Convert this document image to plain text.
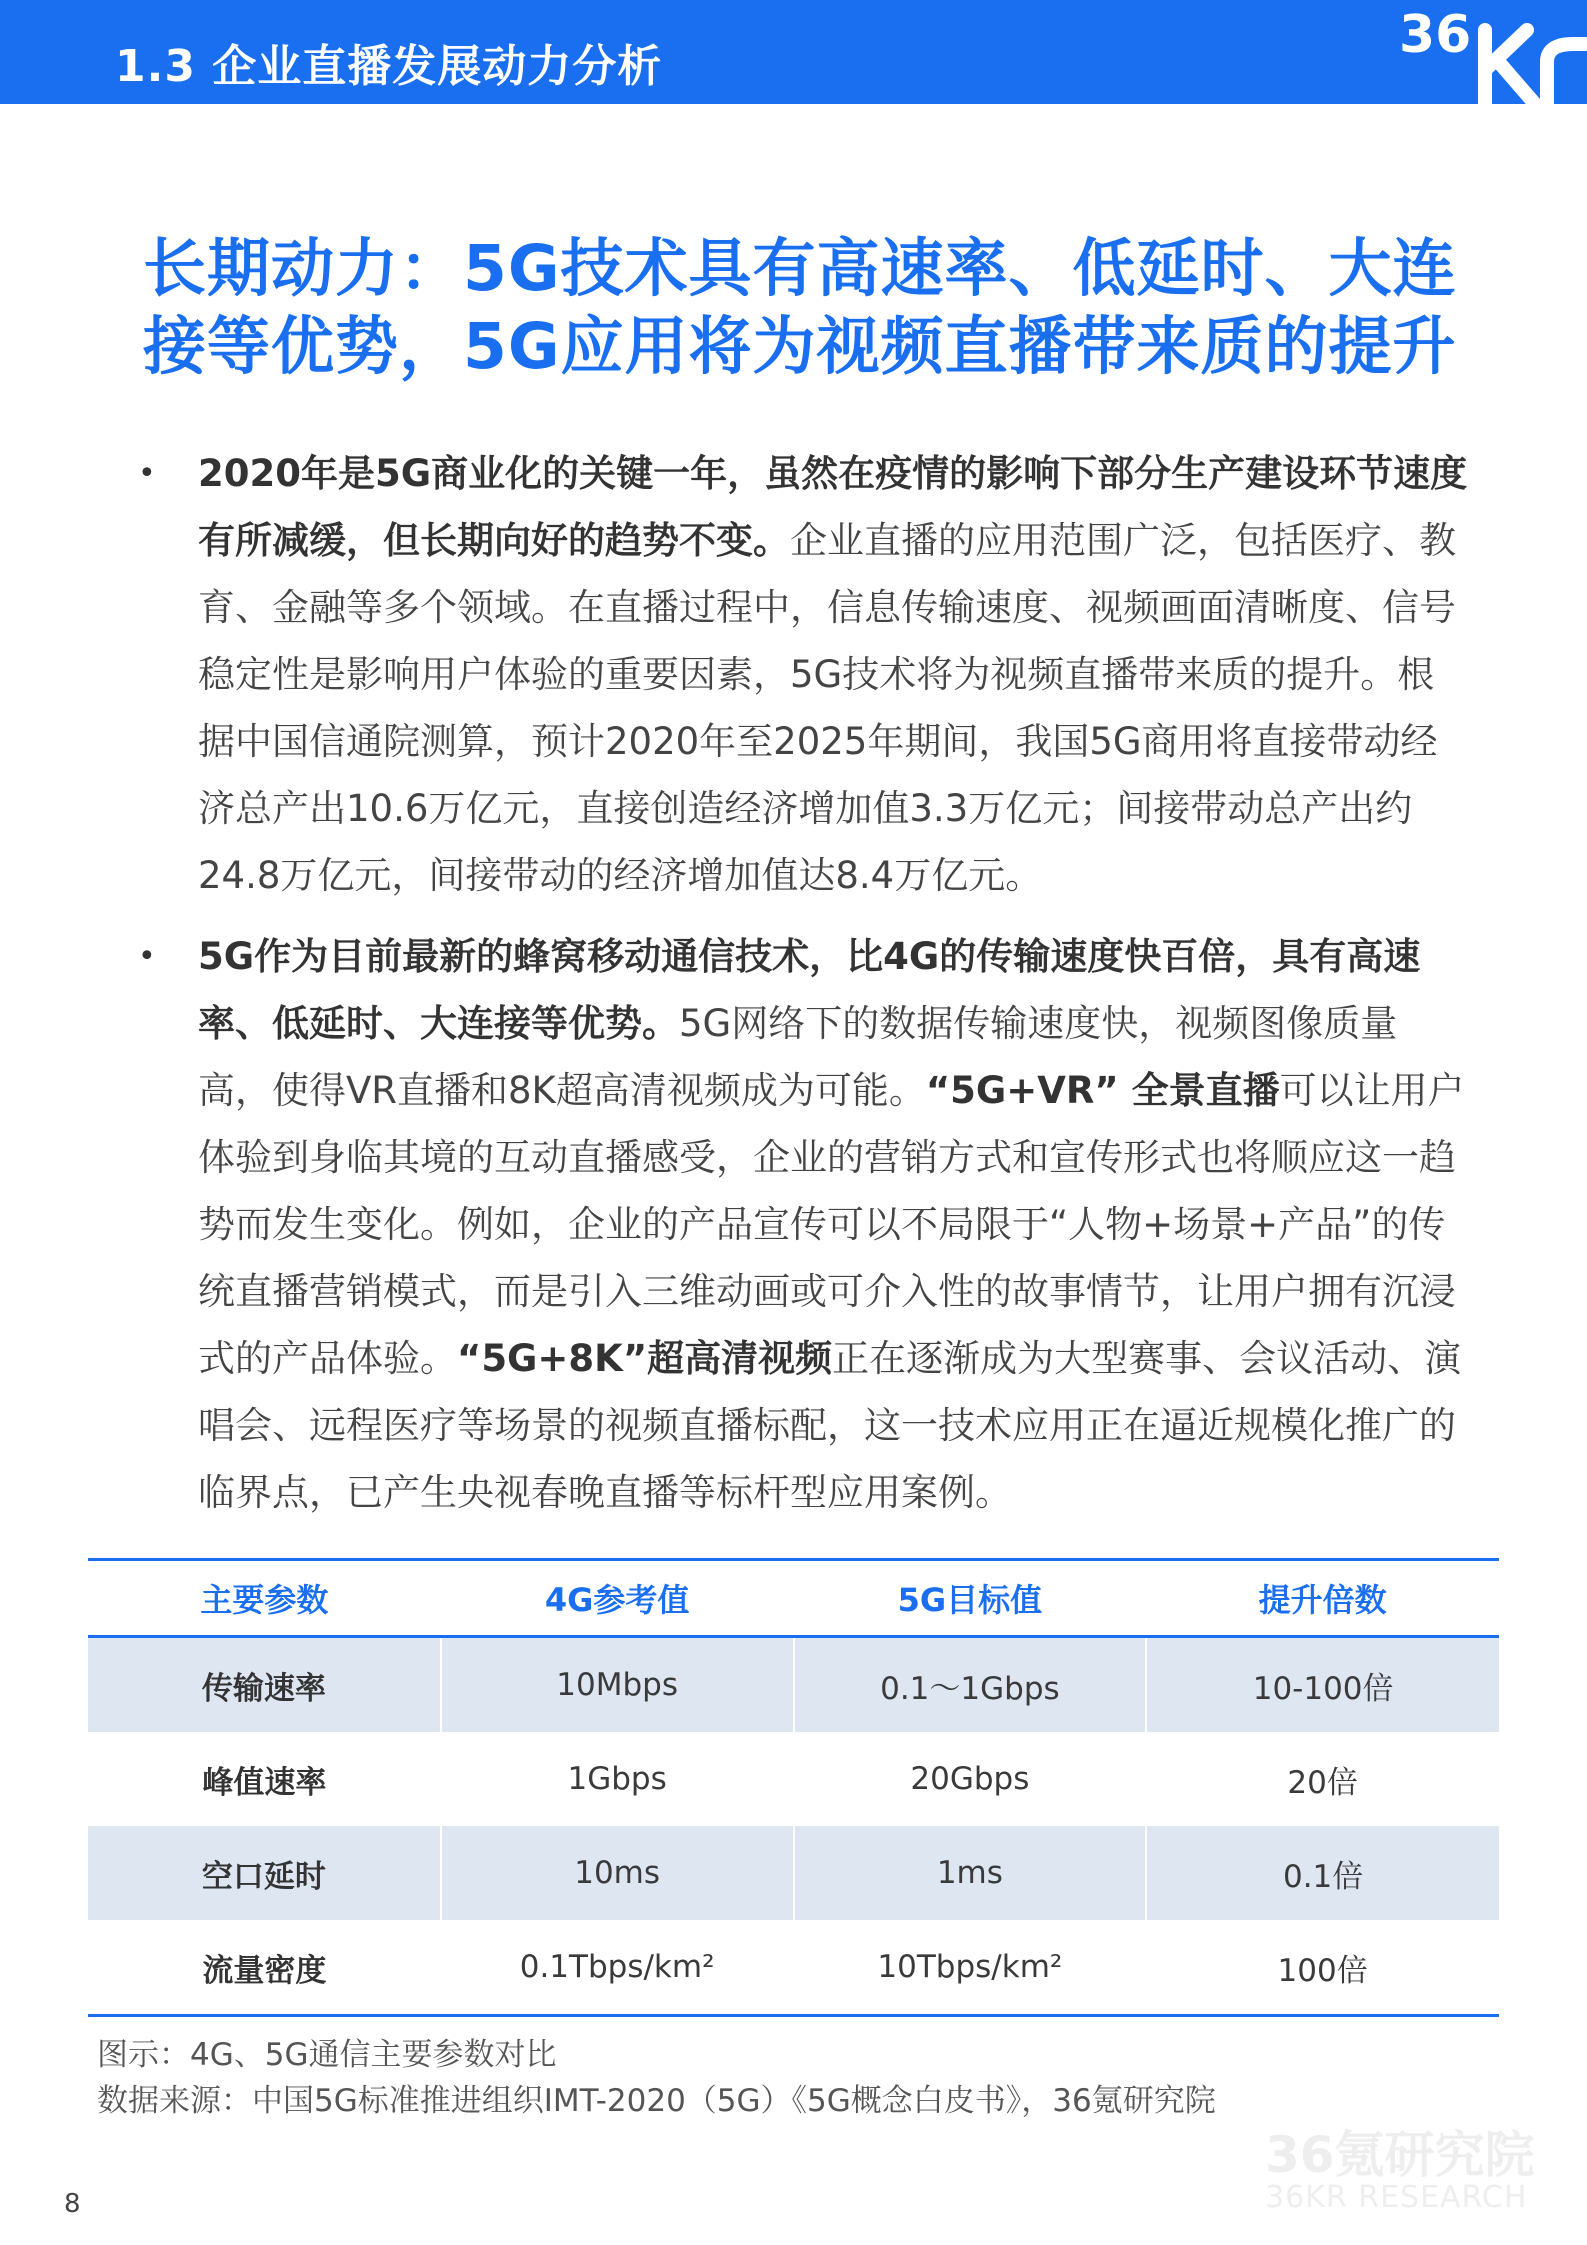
1.3 企业直播发展动力分析
36
长期动力：5G技术具有高速率、低延时、大连接等优势，5G应用将为视频直播带来质的提升
• 2020年是5G商业化的关键一年，虽然在疫情的影响下部分生产建设环节速度有所减缓，但长期向好的趋势不变。企业直播的应用范围广泛，包括医疗、教育、金融等多个领域。在直播过程中，信息传输速度、视频画面清晰度、信号稳定性是影响用户体验的重要因素，5G技术将为视频直播带来质的提升。根据中国信通院测算，预计2020年至2025年期间，我国5G商用将直接带动经济总产出10.6万亿元，直接创造经济增加值3.3万亿元；间接带动总产出约24.8万亿元，间接带动的经济增加值达8.4万亿元。
• 5G作为目前最新的蜂窝移动通信技术，比4G的传输速度快百倍，具有高速率、低延时、大连接等优势。5G网络下的数据传输速度快，视频图像质量高，使得VR直播和8K超高清视频成为可能。“5G+VR” 全景直播可以让用户体验到身临其境的互动直播感受，企业的营销方式和宣传形式也将顺应这一趋势而发生变化。例如，企业的产品宣传可以不局限于“人物+场景+产品”的传统直播营销模式，而是引入三维动画或可介入性的故事情节，让用户拥有沉浸式的产品体验。“5G+8K”超高清视频正在逐渐成为大型赛事、会议活动、演唱会、远程医疗等场景的视频直播标配，这一技术应用正在逼近规模化推广的临界点，已产生央视春晚直播等标杆型应用案例。
主要参数	4G参考值	5G目标值	提升倍数
传输速率	10Mbps	0.1～1Gbps	10-100倍
峰值速率	1Gbps	20Gbps	20倍
空口延时	10ms	1ms	0.1倍
流量密度	0.1Tbps/km²	10Tbps/km²	100倍
图示：4G、5G通信主要参数对比
数据来源：中国5G标准推进组织IMT-2020（5G）《5G概念白皮书》，36氪研究院
36氪研究院
36KR RESEARCH
8
